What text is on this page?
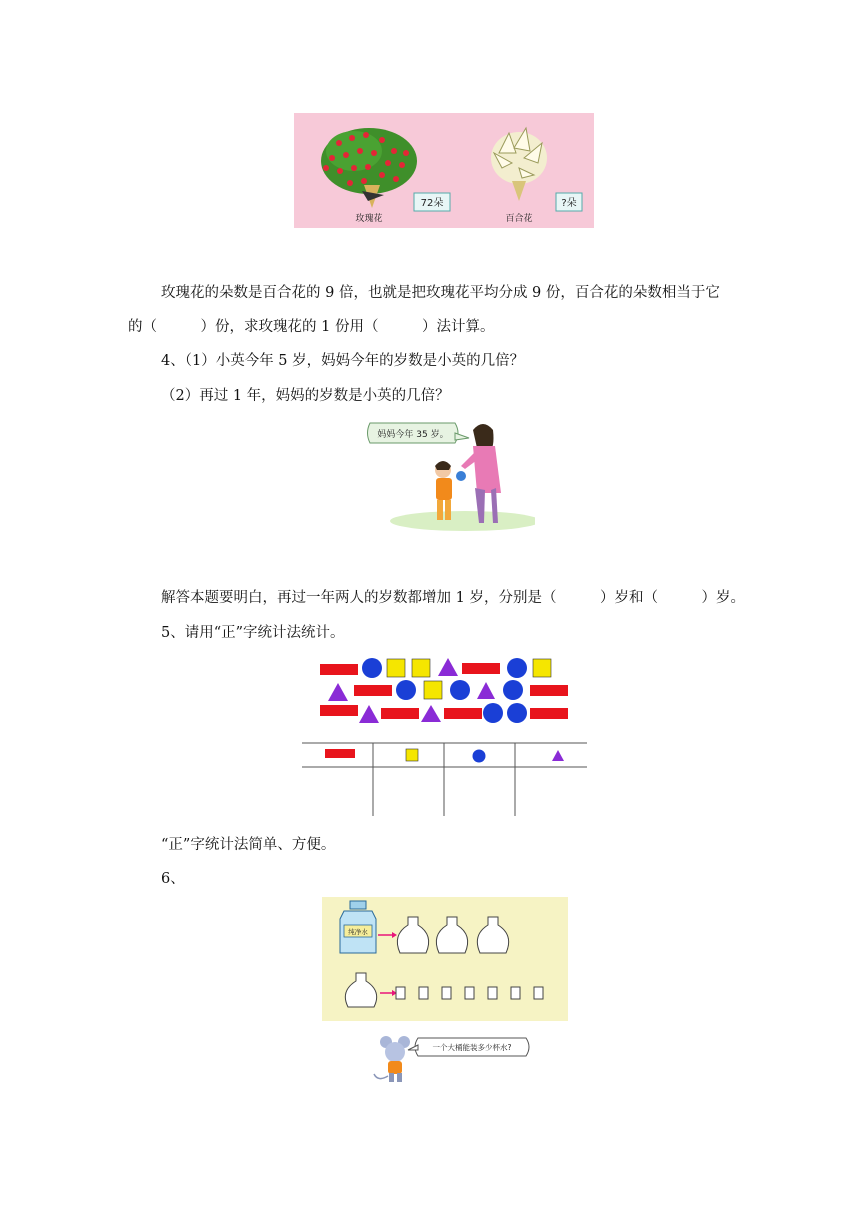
72朵
玫瑰花
?朵
百合花
玫瑰花的朵数是百合花的 9 倍，也就是把玫瑰花平均分成 9 份，百合花的朵数相当于它
的（　　　）份，求玫瑰花的 1 份用（　　　）法计算。
4、（1）小英今年 5 岁，妈妈今年的岁数是小英的几倍？
（2）再过 1 年，妈妈的岁数是小英的几倍？
妈妈今年 35 岁。
解答本题要明白，再过一年两人的岁数都增加 1 岁，分别是（　　　）岁和（　　　）岁。
5、请用“正”字统计法统计。
“正”字统计法简单、方便。
6、
纯净水
一个大桶能装多少杯水?
